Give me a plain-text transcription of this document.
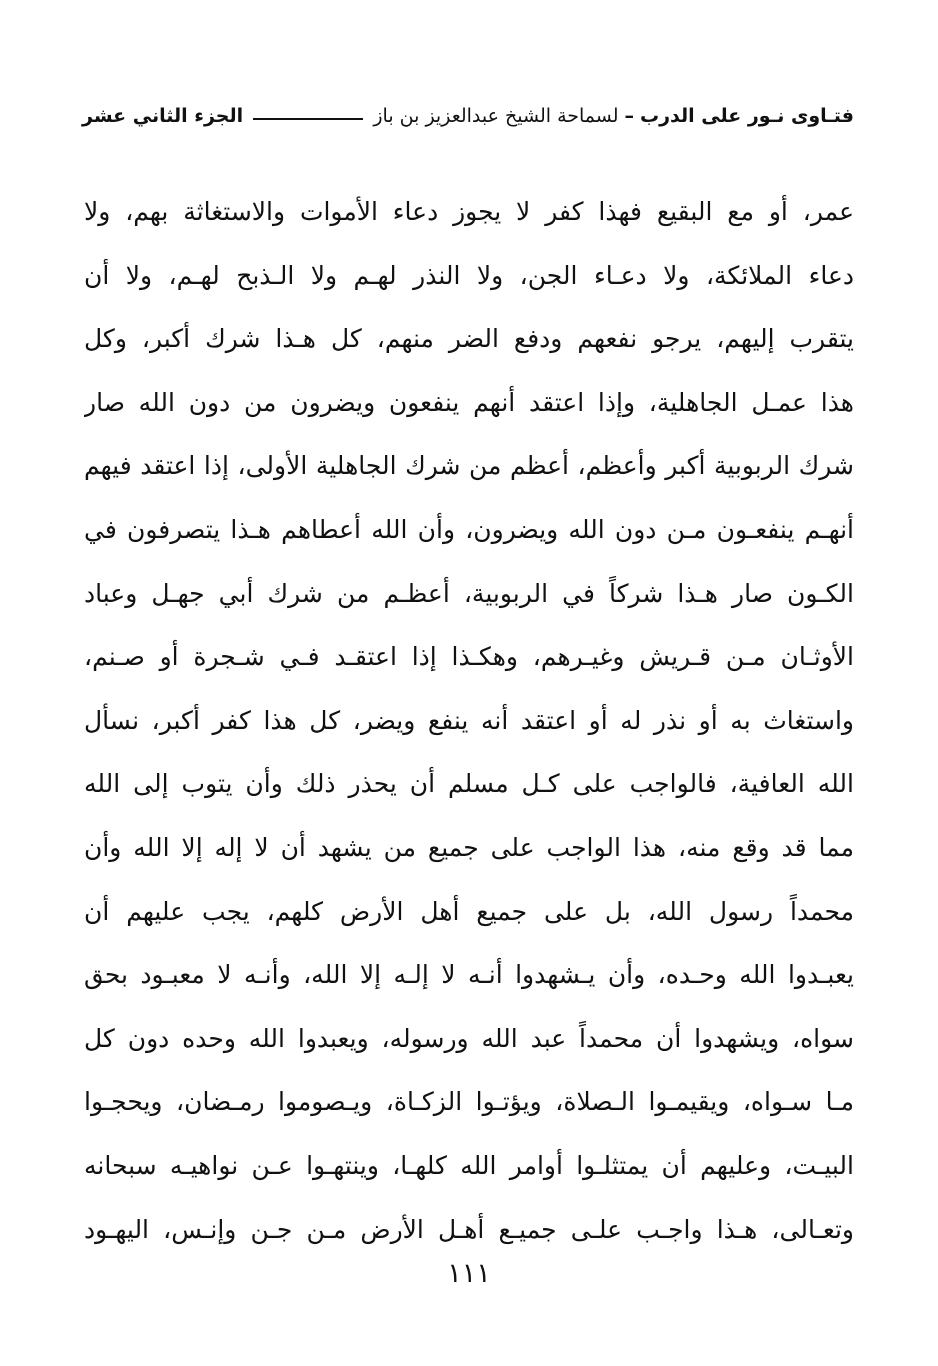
فتـاوى نـور على الدرب
–
لسماحة الشيخ عبدالعزيز بن باز
الجزء الثاني عشر
عمر، أو مع البقيع فهذا كفر لا يجوز دعاء الأموات والاستغاثة بهم، ولا
دعاء الملائكة، ولا دعـاء الجن، ولا النذر لهـم ولا الـذبح لهـم، ولا أن
يتقرب إليهم، يرجو نفعهم ودفع الضر منهم، كل هـذا شرك أكبر، وكل
هذا عمـل الجاهلية، وإذا اعتقد أنهم ينفعون ويضرون من دون الله صار
شرك الربوبية أكبر وأعظم، أعظم من شرك الجاهلية الأولى، إذا اعتقد فيهم
أنهـم ينفعـون مـن دون الله ويضرون، وأن الله أعطاهم هـذا يتصرفون في
الكـون صار هـذا شركاً في الربوبية، أعظـم من شرك أبي جهـل وعباد
الأوثـان مـن قـريش وغيـرهم، وهكـذا إذا اعتقـد فـي شـجرة أو صـنم،
واستغاث به أو نذر له أو اعتقد أنه ينفع ويضر، كل هذا كفر أكبر، نسأل
الله العافية، فالواجب على كـل مسلم أن يحذر ذلك وأن يتوب إلى الله
مما قد وقع منه، هذا الواجب على جميع من يشهد أن لا إله إلا الله وأن
محمداً رسول الله، بل على جميع أهل الأرض كلهم، يجب عليهم أن
يعبـدوا الله وحـده، وأن يـشهدوا أنـه لا إلـه إلا الله، وأنـه لا معبـود بحق
سواه، ويشهدوا أن محمداً عبد الله ورسوله، ويعبدوا الله وحده دون كل
مـا سـواه، ويقيمـوا الـصلاة، ويؤتـوا الزكـاة، ويـصوموا رمـضان، ويحجـوا
البيـت، وعليهم أن يمتثلـوا أوامر الله كلهـا، وينتهـوا عـن نواهيـه سبحانه
وتعـالى، هـذا واجـب علـى جميـع أهـل الأرض مـن جـن وإنـس، اليهـود
١١١
